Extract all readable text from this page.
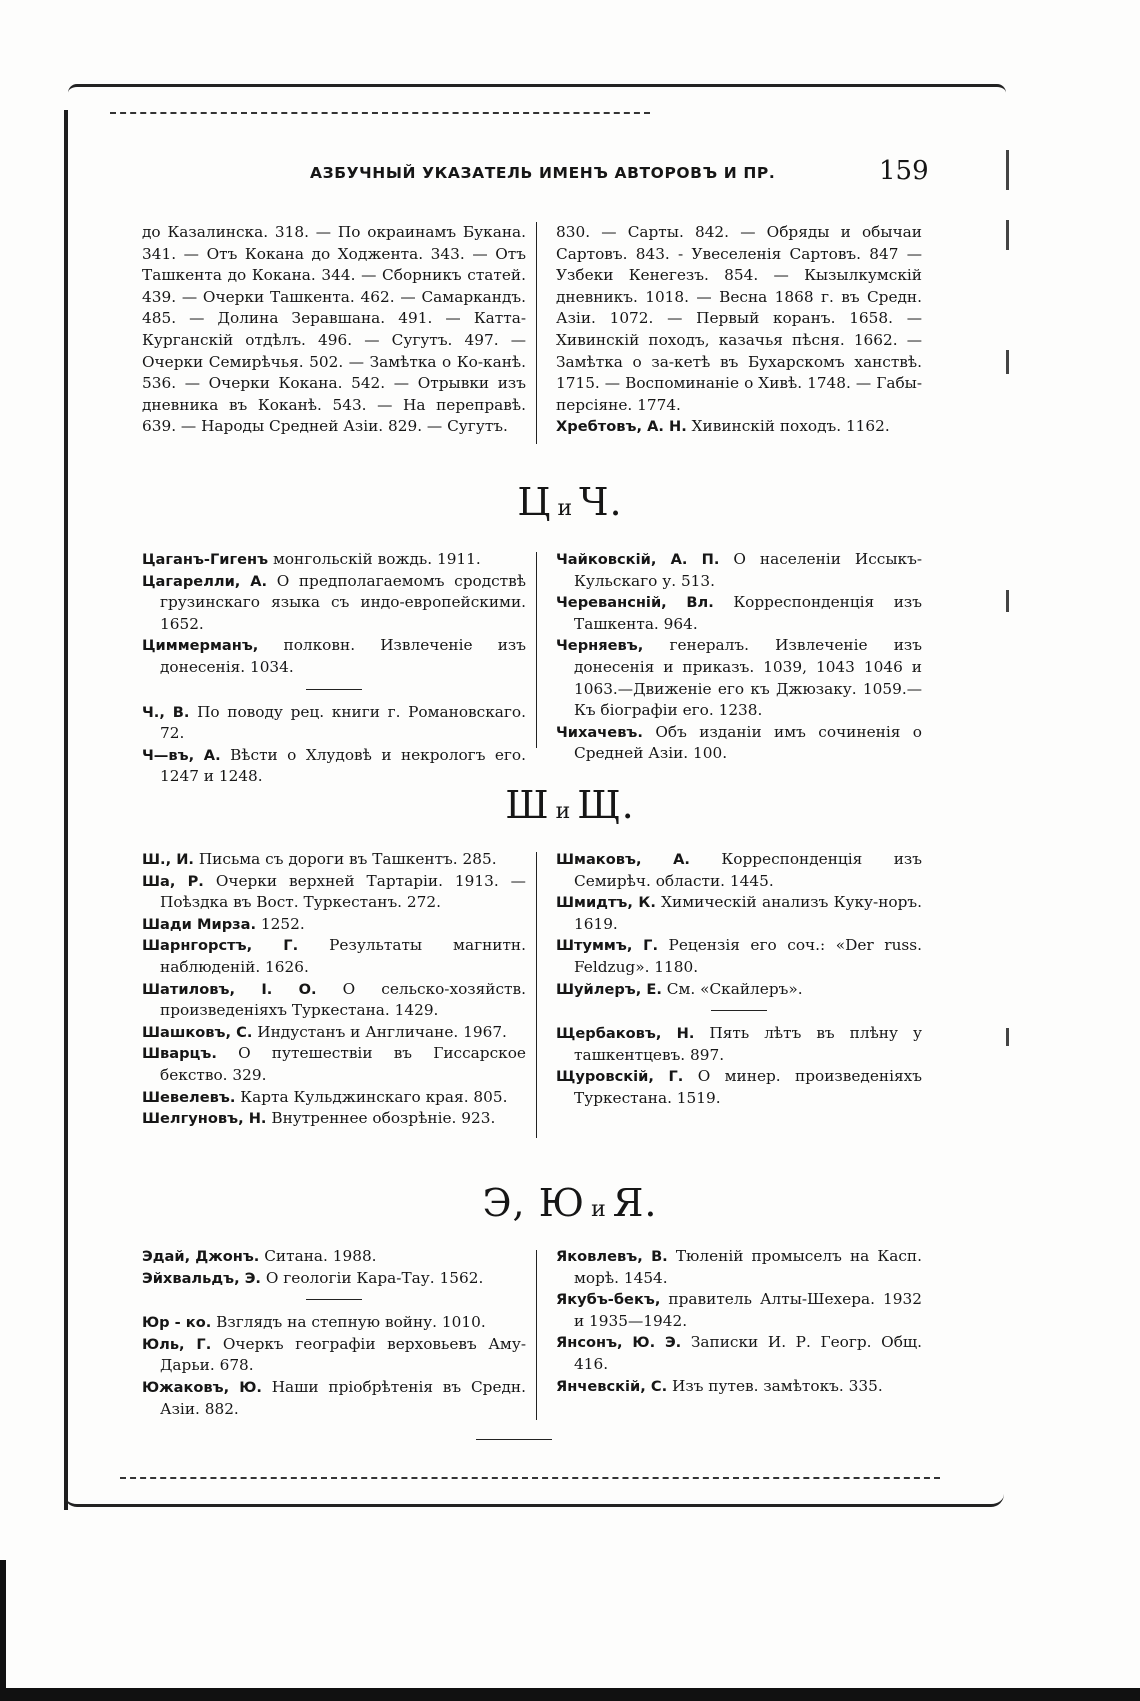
АЗБУЧНЫЙ УКАЗАТЕЛЬ ИМЕНЪ АВТОРОВЪ И ПР.	159

до Казалинска. 318. — По окраинамъ Букана. 341. — Отъ Кокана до Ходжента. 343. — Отъ Ташкента до Кокана. 344. — Сборникъ статей. 439. — Очерки Ташкента. 462. — Самаркандъ. 485. — Долина Зеравшана. 491. — Катта-Курганскій отдѣлъ. 496. — Сугутъ. 497. — Очерки Семирѣчья. 502. — Замѣтка о Ко-канѣ. 536. — Очерки Кокана. 542. — Отрывки изъ дневника въ Коканѣ. 543. — На переправѣ. 639. — Народы Средней Азіи. 829. — Сугутъ.

830. — Сарты. 842. — Обряды и обычаи Сартовъ. 843. - Увеселенія Сартовъ. 847 — Узбеки Кенегезъ. 854. — Кызылкумскій дневникъ. 1018. — Весна 1868 г. въ Средн. Азіи. 1072. — Первый коранъ. 1658. — Хивинскій походъ, казачья пѣсня. 1662. — Замѣтка о за-кетѣ въ Бухарскомъ ханствѣ. 1715. — Воспоминаніе о Хивѣ. 1748. — Габы-персіяне. 1774.

Хребтовъ, А. Н. Хивинскій походъ. 1162.

Ци Ч.

Цаганъ-Гигенъ монгольскій вождь. 1911.

Цагарелли, А. О предполагаемомъ сродствѣ грузинскаго языка съ индо-европейскими. 1652.

Циммерманъ, полковн. Извлеченіе изъ донесенія. 1034.

Ч., В. По поводу рец. книги г. Романовскаго. 72.

Ч—въ, А. Вѣсти о Хлудовѣ и некрологъ его. 1247 и 1248.

Чайковскій, А. П. О населеніи Иссыкъ-Кульскаго у. 513.

Черевансній, Вл. Корреспонденція изъ Ташкента. 964.

Черняевъ, генералъ. Извлеченіе изъ донесенія и приказъ. 1039, 1043 1046 и 1063.—Движеніе его къ Джюзаку. 1059.—Къ біографіи его. 1238.

Чихачевъ. Объ изданіи имъ сочиненія о Средней Азіи. 100.

Ши Щ.

Ш., И. Письма съ дороги въ Ташкентъ. 285.

Ша, Р. Очерки верхней Тартаріи. 1913. — Поѣздка въ Вост. Туркестанъ. 272.

Шади Мирза. 1252.

Шарнгорстъ, Г. Результаты магнитн. наблюденій. 1626.

Шатиловъ, І. О. О сельско-хозяйств. произведеніяхъ Туркестана. 1429.

Шашковъ, С. Индустанъ и Англичане. 1967.

Шварцъ. О путешествіи въ Гиссарское бекство. 329.

Шевелевъ. Карта Кульджинскаго края. 805.

Шелгуновъ, Н. Внутреннее обозрѣніе. 923.

Шмаковъ, А. Корреспонденція изъ Семирѣч. области. 1445.

Шмидтъ, К. Химическій анализъ Куку-норъ. 1619.

Штуммъ, Г. Рецензія его соч.: «Der russ. Feldzug». 1180.

Шуйлеръ, Е. См. «Скайлеръ».

Щербаковъ, Н. Пять лѣтъ въ плѣну у ташкентцевъ. 897.

Щуровскій, Г. О минер. произведеніяхъ Туркестана. 1519.

Э, Ю и Я.

Эдай, Джонъ. Ситана. 1988.

Эйхвальдъ, Э. О геологіи Кара-Тау. 1562.

Юр - ко. Взглядъ на степную войну. 1010.

Юль, Г. Очеркъ географіи верховьевъ Аму-Дарьи. 678.

Южаковъ, Ю. Наши пріобрѣтенія въ Средн. Азіи. 882.

Яковлевъ, В. Тюленій промыселъ на Касп. морѣ. 1454.

Якубъ-бекъ, правитель Алты-Шехера. 1932 и 1935—1942.

Янсонъ, Ю. Э. Записки И. Р. Геогр. Общ. 416.

Янчевскій, С. Изъ путев. замѣтокъ. 335.
